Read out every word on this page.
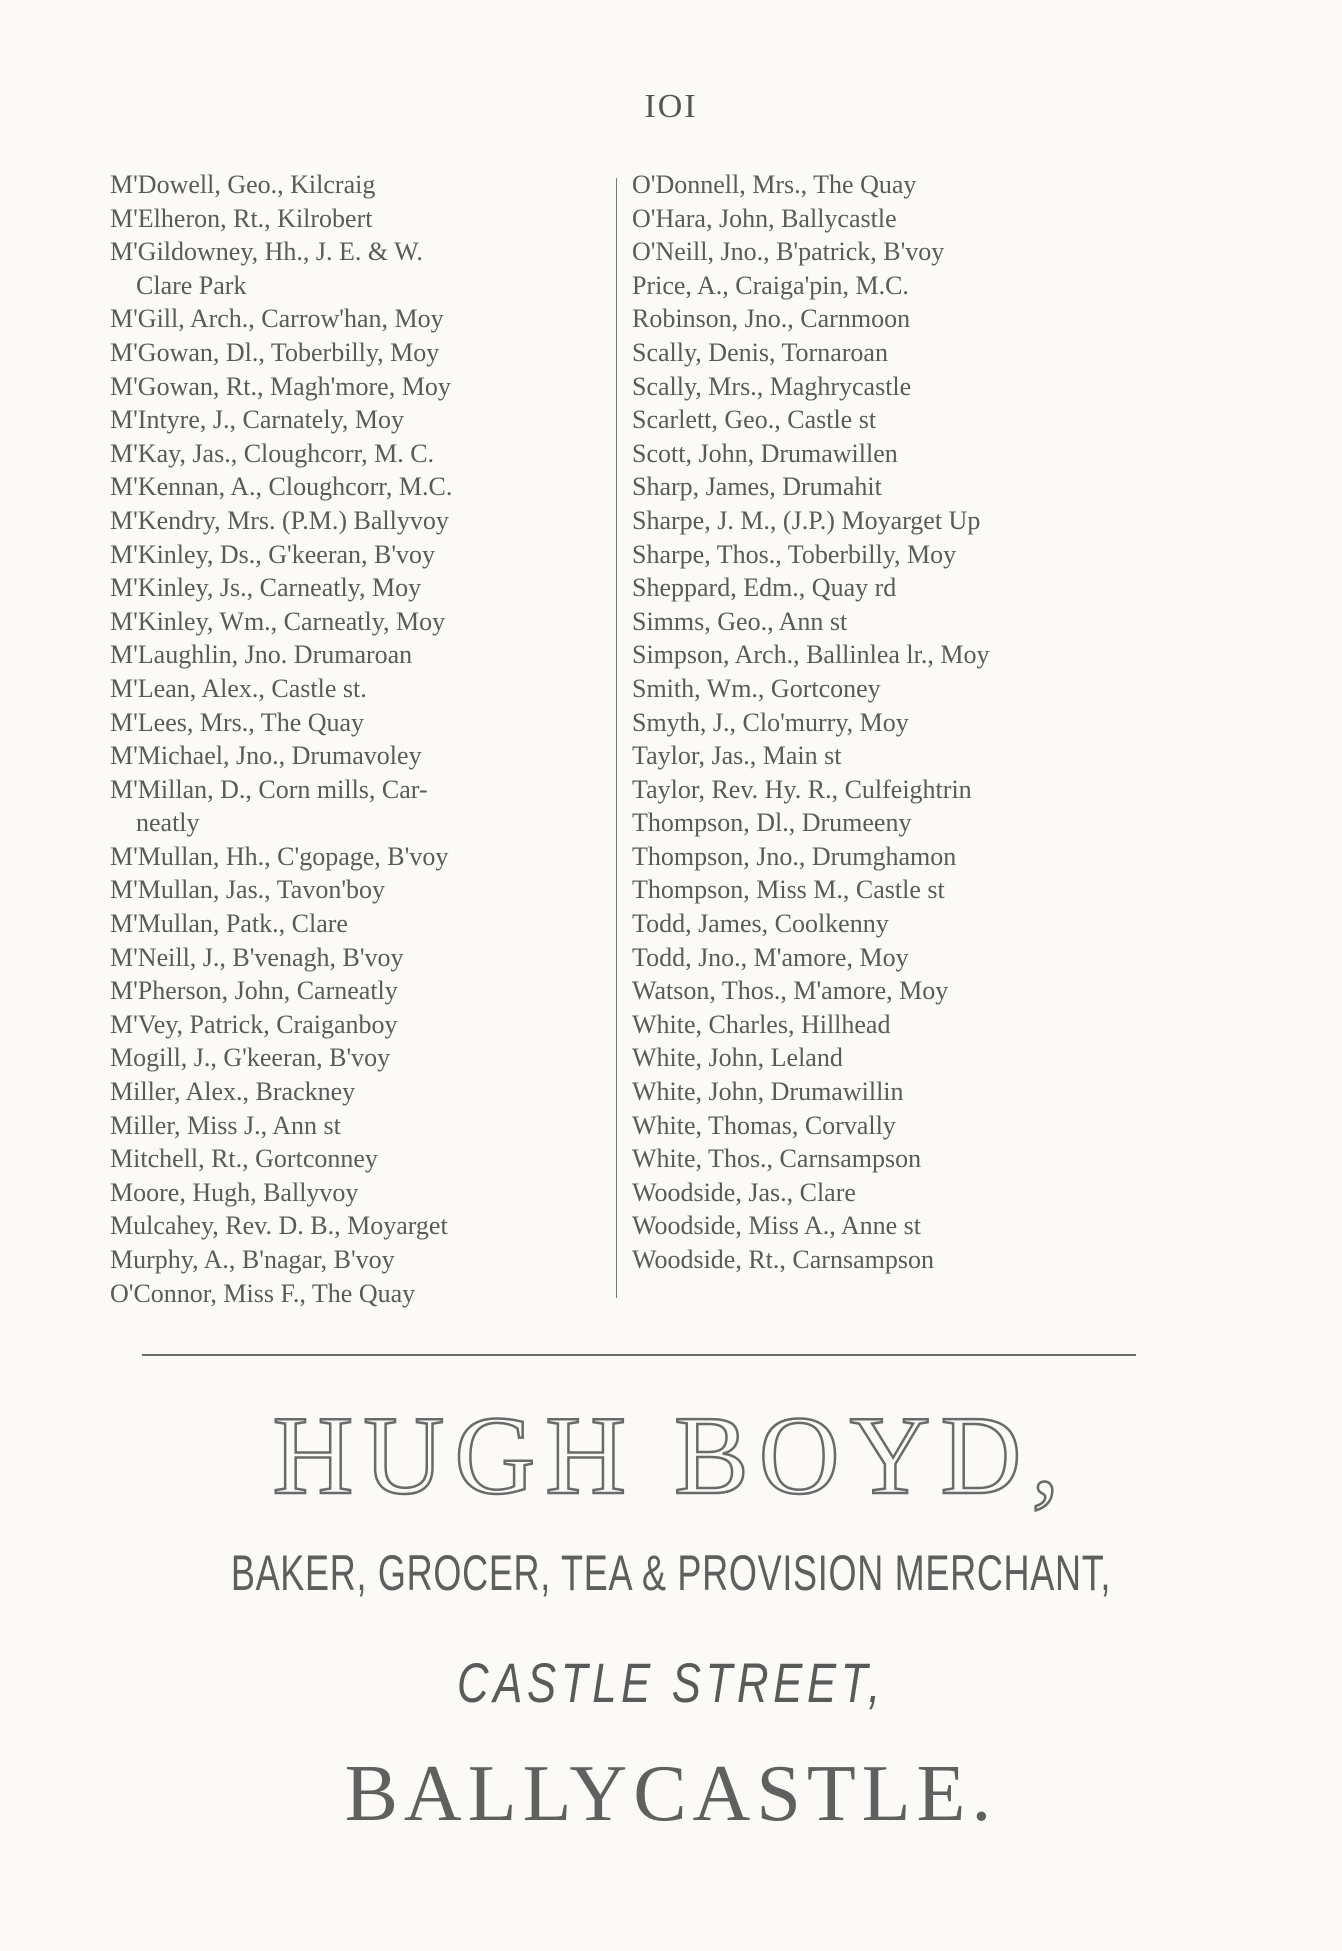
IOI
M'Dowell, Geo., Kilcraig
M'Elheron, Rt., Kilrobert
M'Gildowney, Hh., J. E. & W.
Clare Park
M'Gill, Arch., Carrow'han, Moy
M'Gowan, Dl., Toberbilly, Moy
M'Gowan, Rt., Magh'more, Moy
M'Intyre, J., Carnately, Moy
M'Kay, Jas., Cloughcorr, M. C.
M'Kennan, A., Cloughcorr, M.C.
M'Kendry, Mrs. (P.M.) Ballyvoy
M'Kinley, Ds., G'keeran, B'voy
M'Kinley, Js., Carneatly, Moy
M'Kinley, Wm., Carneatly, Moy
M'Laughlin, Jno. Drumaroan
M'Lean, Alex., Castle st.
M'Lees, Mrs., The Quay
M'Michael, Jno., Drumavoley
M'Millan, D., Corn mills, Car-
neatly
M'Mullan, Hh., C'gopage, B'voy
M'Mullan, Jas., Tavon'boy
M'Mullan, Patk., Clare
M'Neill, J., B'venagh, B'voy
M'Pherson, John, Carneatly
M'Vey, Patrick, Craiganboy
Mogill, J., G'keeran, B'voy
Miller, Alex., Brackney
Miller, Miss J., Ann st
Mitchell, Rt., Gortconney
Moore, Hugh, Ballyvoy
Mulcahey, Rev. D. B., Moyarget
Murphy, A., B'nagar, B'voy
O'Connor, Miss F., The Quay
O'Donnell, Mrs., The Quay
O'Hara, John, Ballycastle
O'Neill, Jno., B'patrick, B'voy
Price, A., Craiga'pin, M.C.
Robinson, Jno., Carnmoon
Scally, Denis, Tornaroan
Scally, Mrs., Maghrycastle
Scarlett, Geo., Castle st
Scott, John, Drumawillen
Sharp, James, Drumahit
Sharpe, J. M., (J.P.) Moyarget Up
Sharpe, Thos., Toberbilly, Moy
Sheppard, Edm., Quay rd
Simms, Geo., Ann st
Simpson, Arch., Ballinlea lr., Moy
Smith, Wm., Gortconey
Smyth, J., Clo'murry, Moy
Taylor, Jas., Main st
Taylor, Rev. Hy. R., Culfeightrin
Thompson, Dl., Drumeeny
Thompson, Jno., Drumghamon
Thompson, Miss M., Castle st
Todd, James, Coolkenny
Todd, Jno., M'amore, Moy
Watson, Thos., M'amore, Moy
White, Charles, Hillhead
White, John, Leland
White, John, Drumawillin
White, Thomas, Corvally
White, Thos., Carnsampson
Woodside, Jas., Clare
Woodside, Miss A., Anne st
Woodside, Rt., Carnsampson
HUGH BOYD,
BAKER, GROCER, TEA & PROVISION MERCHANT,
CASTLE STREET,
BALLYCASTLE.
